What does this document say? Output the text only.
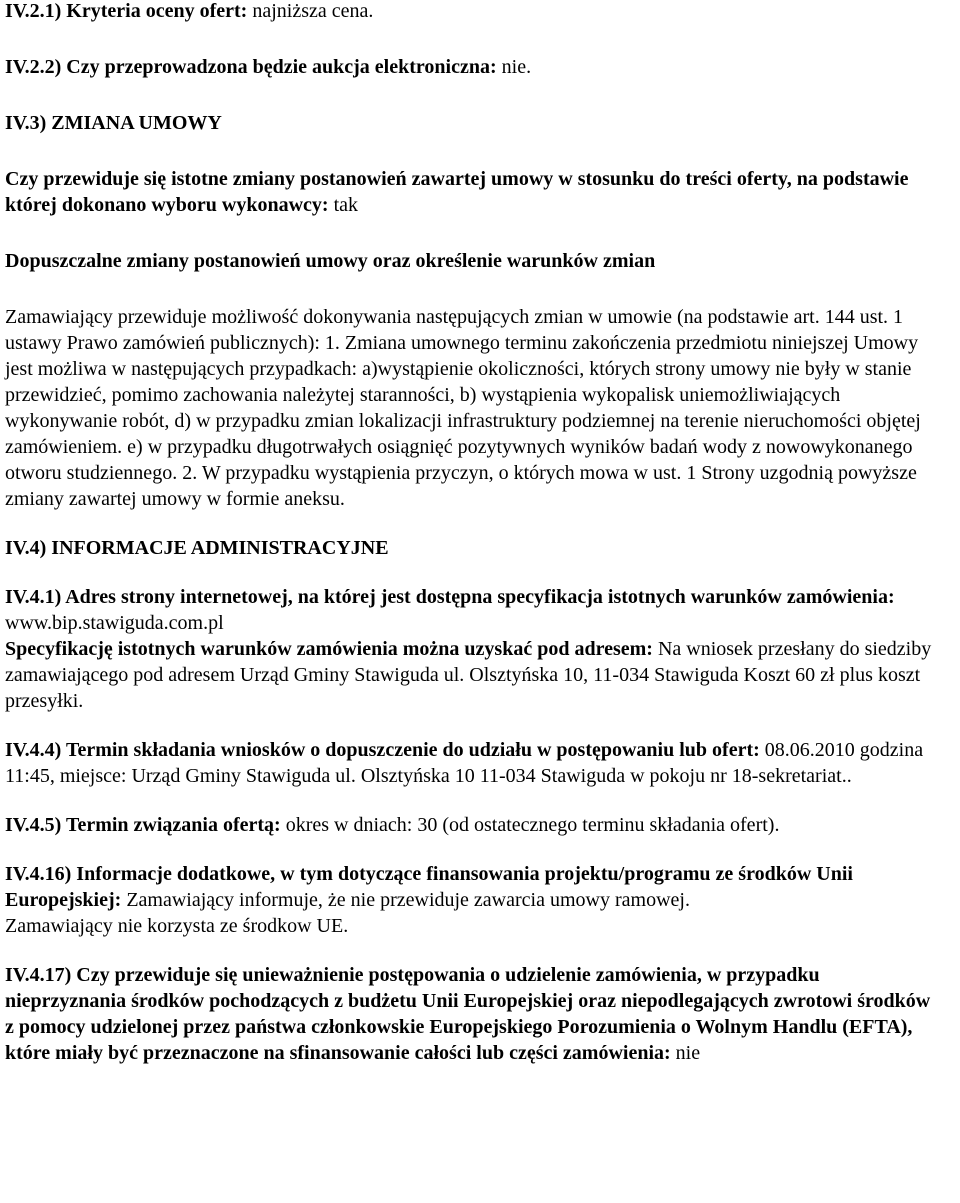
IV.2.1) Kryteria oceny ofert: najniższa cena.

IV.2.2) Czy przeprowadzona będzie aukcja elektroniczna: nie.

IV.3) ZMIANA UMOWY

Czy przewiduje się istotne zmiany postanowień zawartej umowy w stosunku do treści oferty, na podstawie której dokonano wyboru wykonawcy: tak

Dopuszczalne zmiany postanowień umowy oraz określenie warunków zmian

Zamawiający przewiduje możliwość dokonywania następujących zmian w umowie (na podstawie art. 144 ust. 1 ustawy Prawo zamówień publicznych): 1. Zmiana umownego terminu zakończenia przedmiotu niniejszej Umowy jest możliwa w następujących przypadkach: a)wystąpienie okoliczności, których strony umowy nie były w stanie przewidzieć, pomimo zachowania należytej staranności, b) wystąpienia wykopalisk uniemożliwiających wykonywanie robót, d) w przypadku zmian lokalizacji infrastruktury podziemnej na terenie nieruchomości objętej zamówieniem. e) w przypadku długotrwałych osiągnięć pozytywnych wyników badań wody z nowowykonanego otworu studziennego. 2. W przypadku wystąpienia przyczyn, o których mowa w ust. 1 Strony uzgodnią powyższe zmiany zawartej umowy w formie aneksu.

IV.4) INFORMACJE ADMINISTRACYJNE

IV.4.1) Adres strony internetowej, na której jest dostępna specyfikacja istotnych warunków zamówienia: www.bip.stawiguda.com.pl

Specyfikację istotnych warunków zamówienia można uzyskać pod adresem: Na wniosek przesłany do siedziby zamawiającego pod adresem Urząd Gminy Stawiguda ul. Olsztyńska 10, 11-034 Stawiguda Koszt 60 zł plus koszt przesyłki.

IV.4.4) Termin składania wniosków o dopuszczenie do udziału w postępowaniu lub ofert: 08.06.2010 godzina 11:45, miejsce: Urząd Gminy Stawiguda ul. Olsztyńska 10 11-034 Stawiguda w pokoju nr 18-sekretariat..

IV.4.5) Termin związania ofertą: okres w dniach: 30 (od ostatecznego terminu składania ofert).

IV.4.16) Informacje dodatkowe, w tym dotyczące finansowania projektu/programu ze środków Unii Europejskiej: Zamawiający informuje, że nie przewiduje zawarcia umowy ramowej.

Zamawiający nie korzysta ze środkow UE.

IV.4.17) Czy przewiduje się unieważnienie postępowania o udzielenie zamówienia, w przypadku nieprzyznania środków pochodzących z budżetu Unii Europejskiej oraz niepodlegających zwrotowi środków z pomocy udzielonej przez państwa członkowskie Europejskiego Porozumienia o Wolnym Handlu (EFTA), które miały być przeznaczone na sfinansowanie całości lub części zamówienia: nie
